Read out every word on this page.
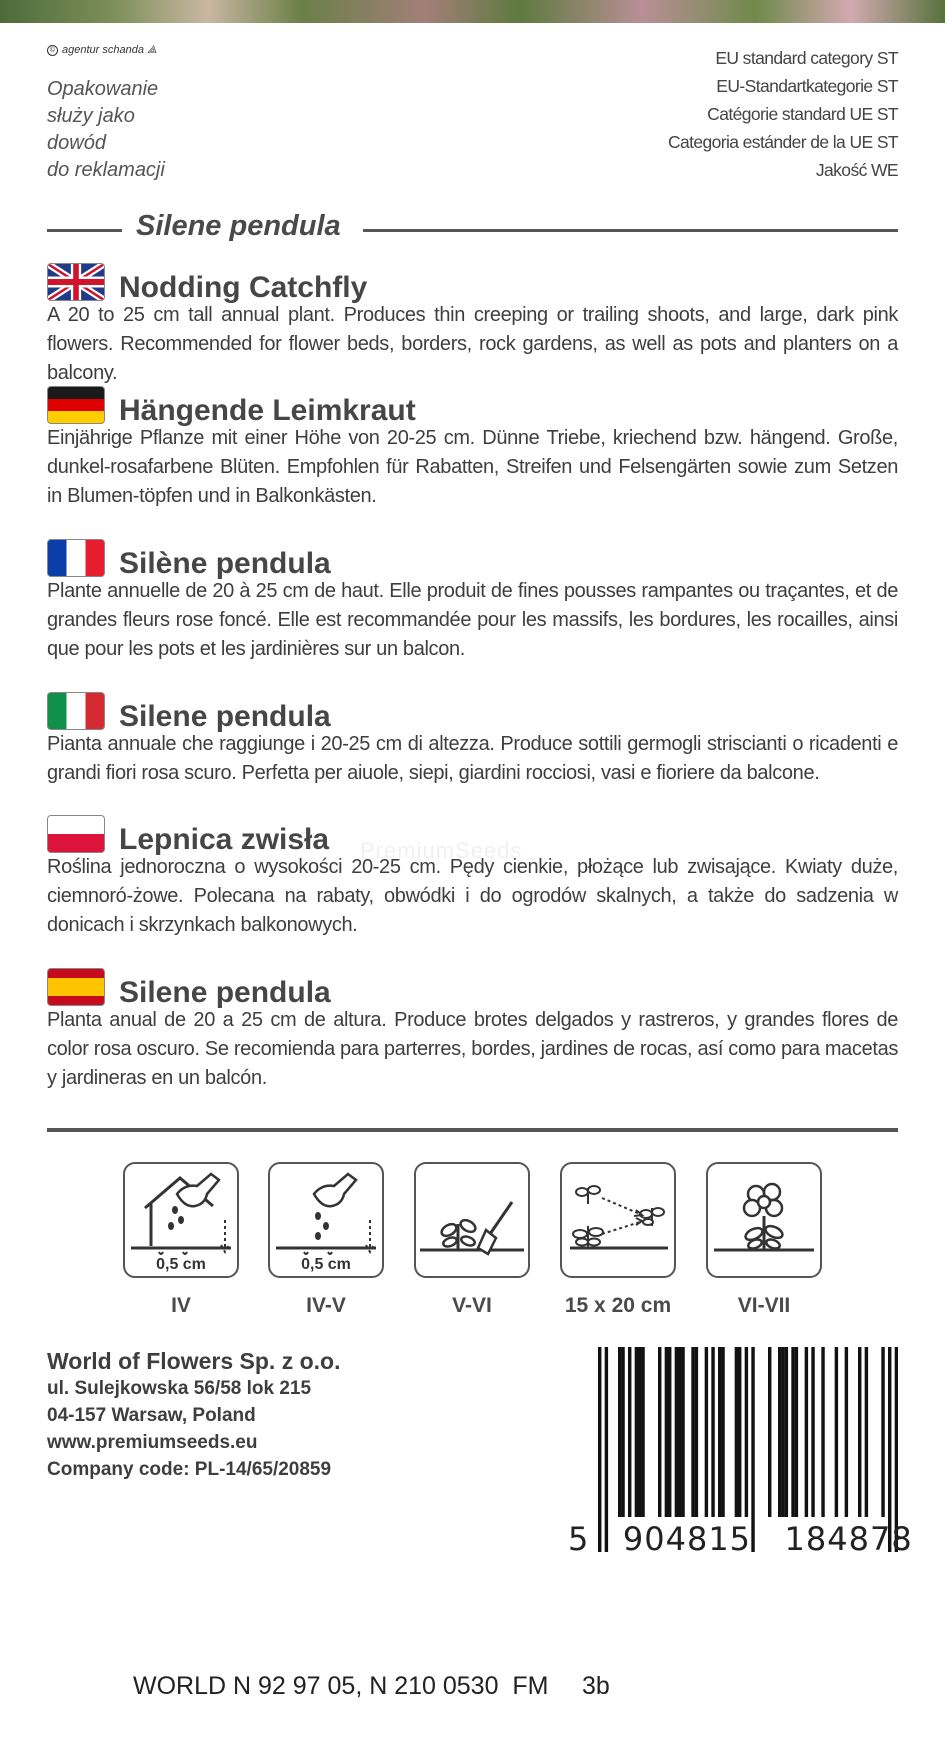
© agentur schanda ⟁
Opakowanie
służy jako
dowód
do reklamacji
EU standard category ST
EU-Standartkategorie ST
Catégorie standard UE ST
Categoria estánder de la UE ST
Jakość WE
Silene pendula
Nodding Catchfly
A 20 to 25 cm tall annual plant. Produces thin creeping or trailing shoots, and large, dark pink flowers. Recommended for flower beds, borders, rock gardens, as well as pots and planters on a balcony.
Hängende Leimkraut
Einjährige Pflanze mit einer Höhe von 20-25 cm. Dünne Triebe, kriechend bzw. hängend. Große, dunkel-rosafarbene Blüten. Empfohlen für Rabatten, Streifen und Felsengärten sowie zum Setzen in Blumen-töpfen und in Balkonkästen.
Silène pendula
Plante annuelle de 20 à 25 cm de haut. Elle produit de fines pousses rampantes ou traçantes, et de grandes fleurs rose foncé. Elle est recommandée pour les massifs, les bordures, les rocailles, ainsi que pour les pots et les jardinières sur un balcon.
Silene pendula
Pianta annuale che raggiunge i 20-25 cm di altezza. Produce sottili germogli striscianti o ricadenti e grandi fiori rosa scuro. Perfetta per aiuole, siepi, giardini rocciosi, vasi e fioriere da balcone.
Lepnica zwisła
Roślina jednoroczna o wysokości 20-25 cm. Pędy cienkie, płożące lub zwisające. Kwiaty duże, ciemnoró-żowe. Polecana na rabaty, obwódki i do ogrodów skalnych, a także do sadzenia w donicach i skrzynkach balkonowych.
Silene pendula
Planta anual de 20 a 25 cm de altura. Produce brotes delgados y rastreros, y grandes flores de color rosa oscuro. Se recomienda para parterres, bordes, jardines de rocas, así como para macetas y jardineras en un balcón.
PremiumSeeds
0,5 cm
IV
0,5 cm
IV-V	V-VI	15 x 20 cm	VI-VII
World of Flowers Sp. z o.o.
ul. Sulejkowska 56/58 lok 215
04-157 Warsaw, Poland
www.premiumseeds.eu
Company code: PL-14/65/20859
5   904815   184878
WORLD N 92 97 05, N 210 0530  FM 3b
